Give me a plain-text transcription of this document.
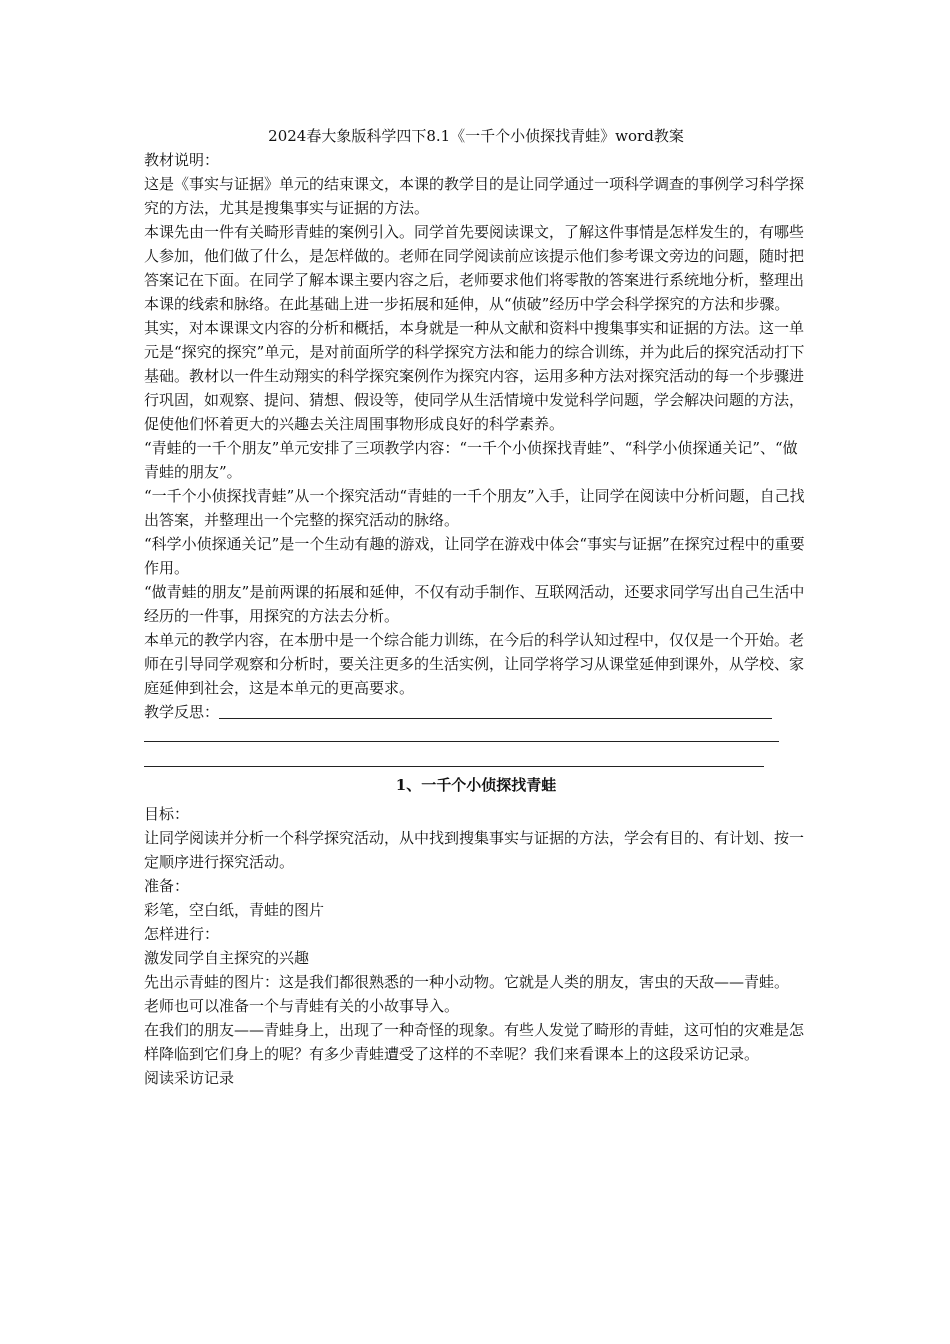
2024春大象版科学四下8.1《一千个小侦探找青蛙》word教案

教材说明：

这是《事实与证据》单元的结束课文，本课的教学目的是让同学通过一项科学调查的事例学习科学探究的方法，尤其是搜集事实与证据的方法。

本课先由一件有关畸形青蛙的案例引入。同学首先要阅读课文，了解这件事情是怎样发生的，有哪些人参加，他们做了什么，是怎样做的。老师在同学阅读前应该提示他们参考课文旁边的问题，随时把答案记在下面。在同学了解本课主要内容之后，老师要求他们将零散的答案进行系统地分析，整理出本课的线索和脉络。在此基础上进一步拓展和延伸，从“侦破”经历中学会科学探究的方法和步骤。

其实，对本课课文内容的分析和概括，本身就是一种从文献和资料中搜集事实和证据的方法。这一单元是“探究的探究”单元，是对前面所学的科学探究方法和能力的综合训练，并为此后的探究活动打下基础。教材以一件生动翔实的科学探究案例作为探究内容，运用多种方法对探究活动的每一个步骤进行巩固，如观察、提问、猜想、假设等，使同学从生活情境中发觉科学问题，学会解决问题的方法，促使他们怀着更大的兴趣去关注周围事物形成良好的科学素养。

“青蛙的一千个朋友”单元安排了三项教学内容：“一千个小侦探找青蛙”、“科学小侦探通关记”、“做青蛙的朋友”。

“一千个小侦探找青蛙”从一个探究活动“青蛙的一千个朋友”入手，让同学在阅读中分析问题，自己找出答案，并整理出一个完整的探究活动的脉络。

“科学小侦探通关记”是一个生动有趣的游戏，让同学在游戏中体会“事实与证据”在探究过程中的重要作用。

“做青蛙的朋友”是前两课的拓展和延伸，不仅有动手制作、互联网活动，还要求同学写出自己生活中经历的一件事，用探究的方法去分析。

本单元的教学内容，在本册中是一个综合能力训练，在今后的科学认知过程中，仅仅是一个开始。老师在引导同学观察和分析时，要关注更多的生活实例，让同学将学习从课堂延伸到课外，从学校、家庭延伸到社会，这是本单元的更高要求。

教学反思：
1、一千个小侦探找青蛙

目标：

让同学阅读并分析一个科学探究活动，从中找到搜集事实与证据的方法，学会有目的、有计划、按一定顺序进行探究活动。

准备：

彩笔，空白纸，青蛙的图片

怎样进行：

激发同学自主探究的兴趣

先出示青蛙的图片：这是我们都很熟悉的一种小动物。它就是人类的朋友，害虫的天敌——青蛙。

老师也可以准备一个与青蛙有关的小故事导入。

在我们的朋友——青蛙身上，出现了一种奇怪的现象。有些人发觉了畸形的青蛙，这可怕的灾难是怎样降临到它们身上的呢？有多少青蛙遭受了这样的不幸呢？我们来看课本上的这段采访记录。

阅读采访记录
